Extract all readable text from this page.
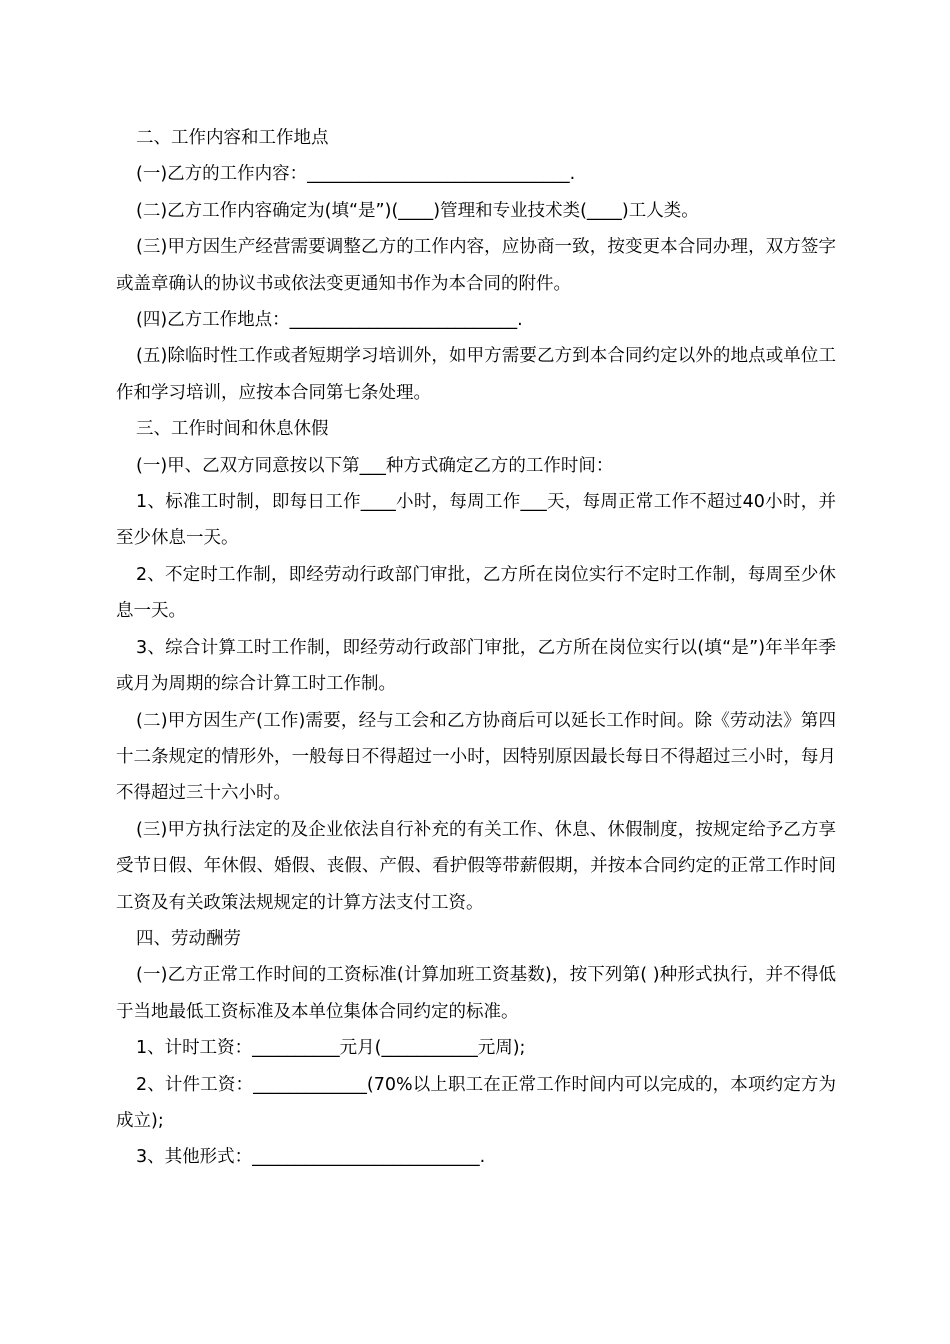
二、工作内容和工作地点

(一)乙方的工作内容：______________________________.

(二)乙方工作内容确定为(填“是”)(____)管理和专业技术类(____)工人类。

(三)甲方因生产经营需要调整乙方的工作内容，应协商一致，按变更本合同办理，双方签字或盖章确认的协议书或依法变更通知书作为本合同的附件。

(四)乙方工作地点：__________________________.

(五)除临时性工作或者短期学习培训外，如甲方需要乙方到本合同约定以外的地点或单位工作和学习培训，应按本合同第七条处理。

三、工作时间和休息休假

(一)甲、乙双方同意按以下第___种方式确定乙方的工作时间：

1、标准工时制，即每日工作____小时，每周工作___天，每周正常工作不超过40小时，并至少休息一天。

2、不定时工作制，即经劳动行政部门审批，乙方所在岗位实行不定时工作制，每周至少休息一天。

3、综合计算工时工作制，即经劳动行政部门审批，乙方所在岗位实行以(填“是”)年半年季或月为周期的综合计算工时工作制。

(二)甲方因生产(工作)需要，经与工会和乙方协商后可以延长工作时间。除《劳动法》第四十二条规定的情形外，一般每日不得超过一小时，因特别原因最长每日不得超过三小时，每月不得超过三十六小时。

(三)甲方执行法定的及企业依法自行补充的有关工作、休息、休假制度，按规定给予乙方享受节日假、年休假、婚假、丧假、产假、看护假等带薪假期，并按本合同约定的正常工作时间工资及有关政策法规规定的计算方法支付工资。

四、劳动酬劳

(一)乙方正常工作时间的工资标准(计算加班工资基数)，按下列第( )种形式执行，并不得低于当地最低工资标准及本单位集体合同约定的标准。

1、计时工资：__________元月(___________元周);

2、计件工资：_____________(70%以上职工在正常工作时间内可以完成的，本项约定方为成立);

3、其他形式：__________________________.
